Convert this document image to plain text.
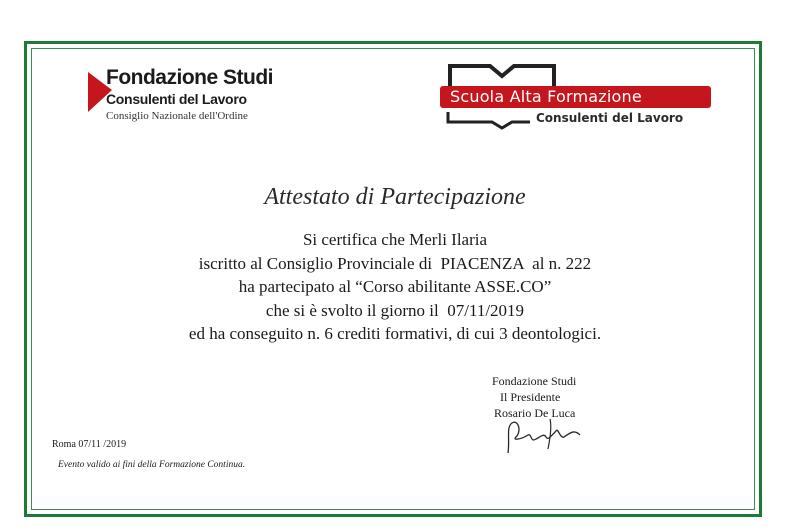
Fondazione Studi
Consulenti del Lavoro
Consiglio Nazionale dell'Ordine
Scuola Alta Formazione
Consulenti del Lavoro
Attestato di Partecipazione
Si certifica che Merli Ilaria
iscritto al Consiglio Provinciale di  PIACENZA  al n. 222
ha partecipato al “Corso abilitante ASSE.CO”
che si è svolto il giorno il  07/11/2019
ed ha conseguito n. 6 crediti formativi, di cui 3 deontologici.
Fondazione Studi
Il Presidente
Rosario De Luca
Roma 07/11 /2019
Evento valido ai fini della Formazione Continua.
